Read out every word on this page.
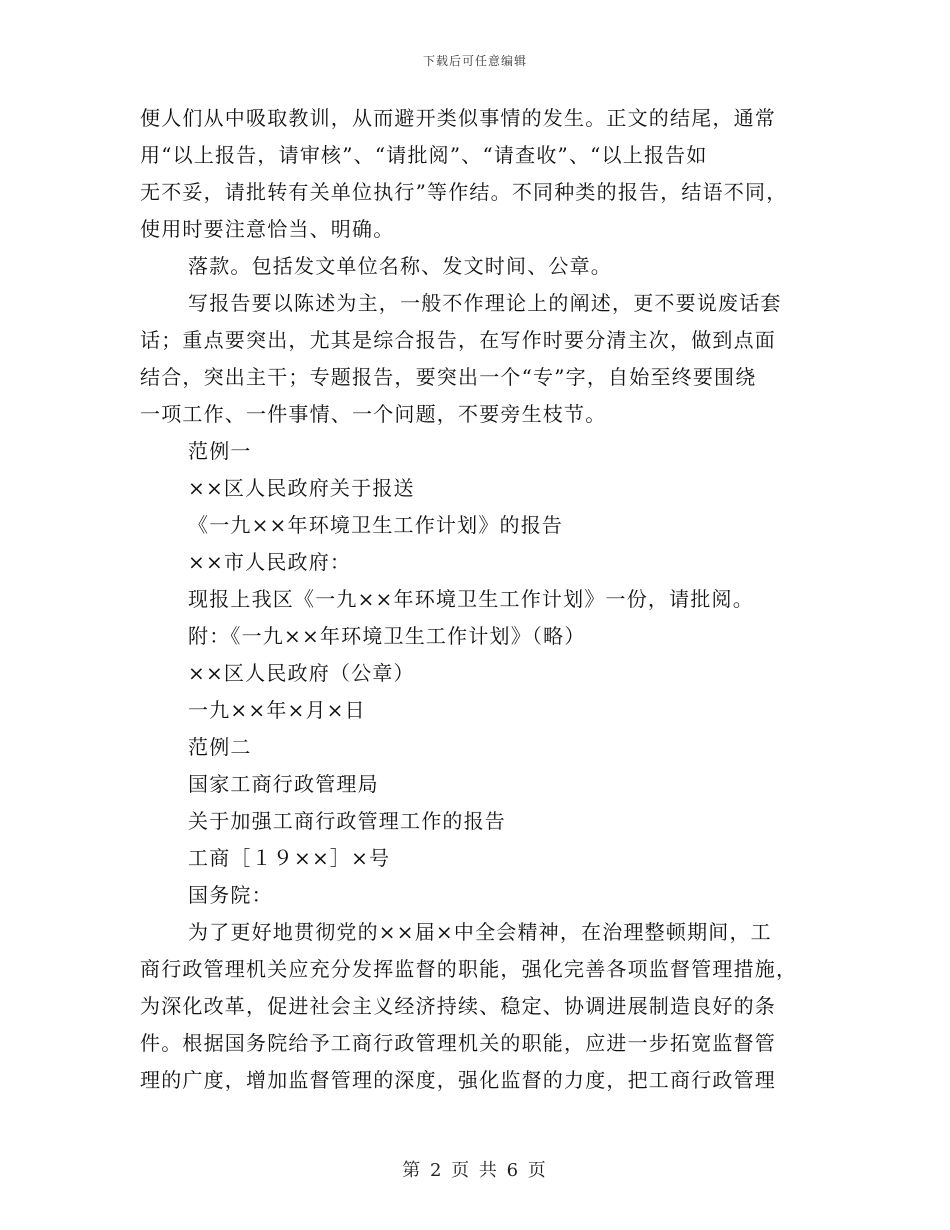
下载后可任意编辑
便人们从中吸取教训，从而避开类似事情的发生。正文的结尾，通常
用“以上报告，请审核”、“请批阅”、“请查收”、“以上报告如
无不妥，请批转有关单位执行”等作结。不同种类的报告，结语不同，
使用时要注意恰当、明确。
落款。包括发文单位名称、发文时间、公章。
写报告要以陈述为主，一般不作理论上的阐述，更不要说废话套
话；重点要突出，尤其是综合报告，在写作时要分清主次，做到点面
结合，突出主干；专题报告，要突出一个“专”字，自始至终要围绕
一项工作、一件事情、一个问题，不要旁生枝节。
范例一
××区人民政府关于报送
《一九××年环境卫生工作计划》的报告
××市人民政府：
现报上我区《一九××年环境卫生工作计划》一份，请批阅。
附：《一九××年环境卫生工作计划》（略）
××区人民政府（公章）
一九××年×月×日
范例二
国家工商行政管理局
关于加强工商行政管理工作的报告
工商［１９××］×号
国务院：
为了更好地贯彻党的××届×中全会精神，在治理整顿期间，工
商行政管理机关应充分发挥监督的职能，强化完善各项监督管理措施，
为深化改革，促进社会主义经济持续、稳定、协调进展制造良好的条
件。根据国务院给予工商行政管理机关的职能，应进一步拓宽监督管
理的广度，增加监督管理的深度，强化监督的力度，把工商行政管理
第 2 页 共 6 页
